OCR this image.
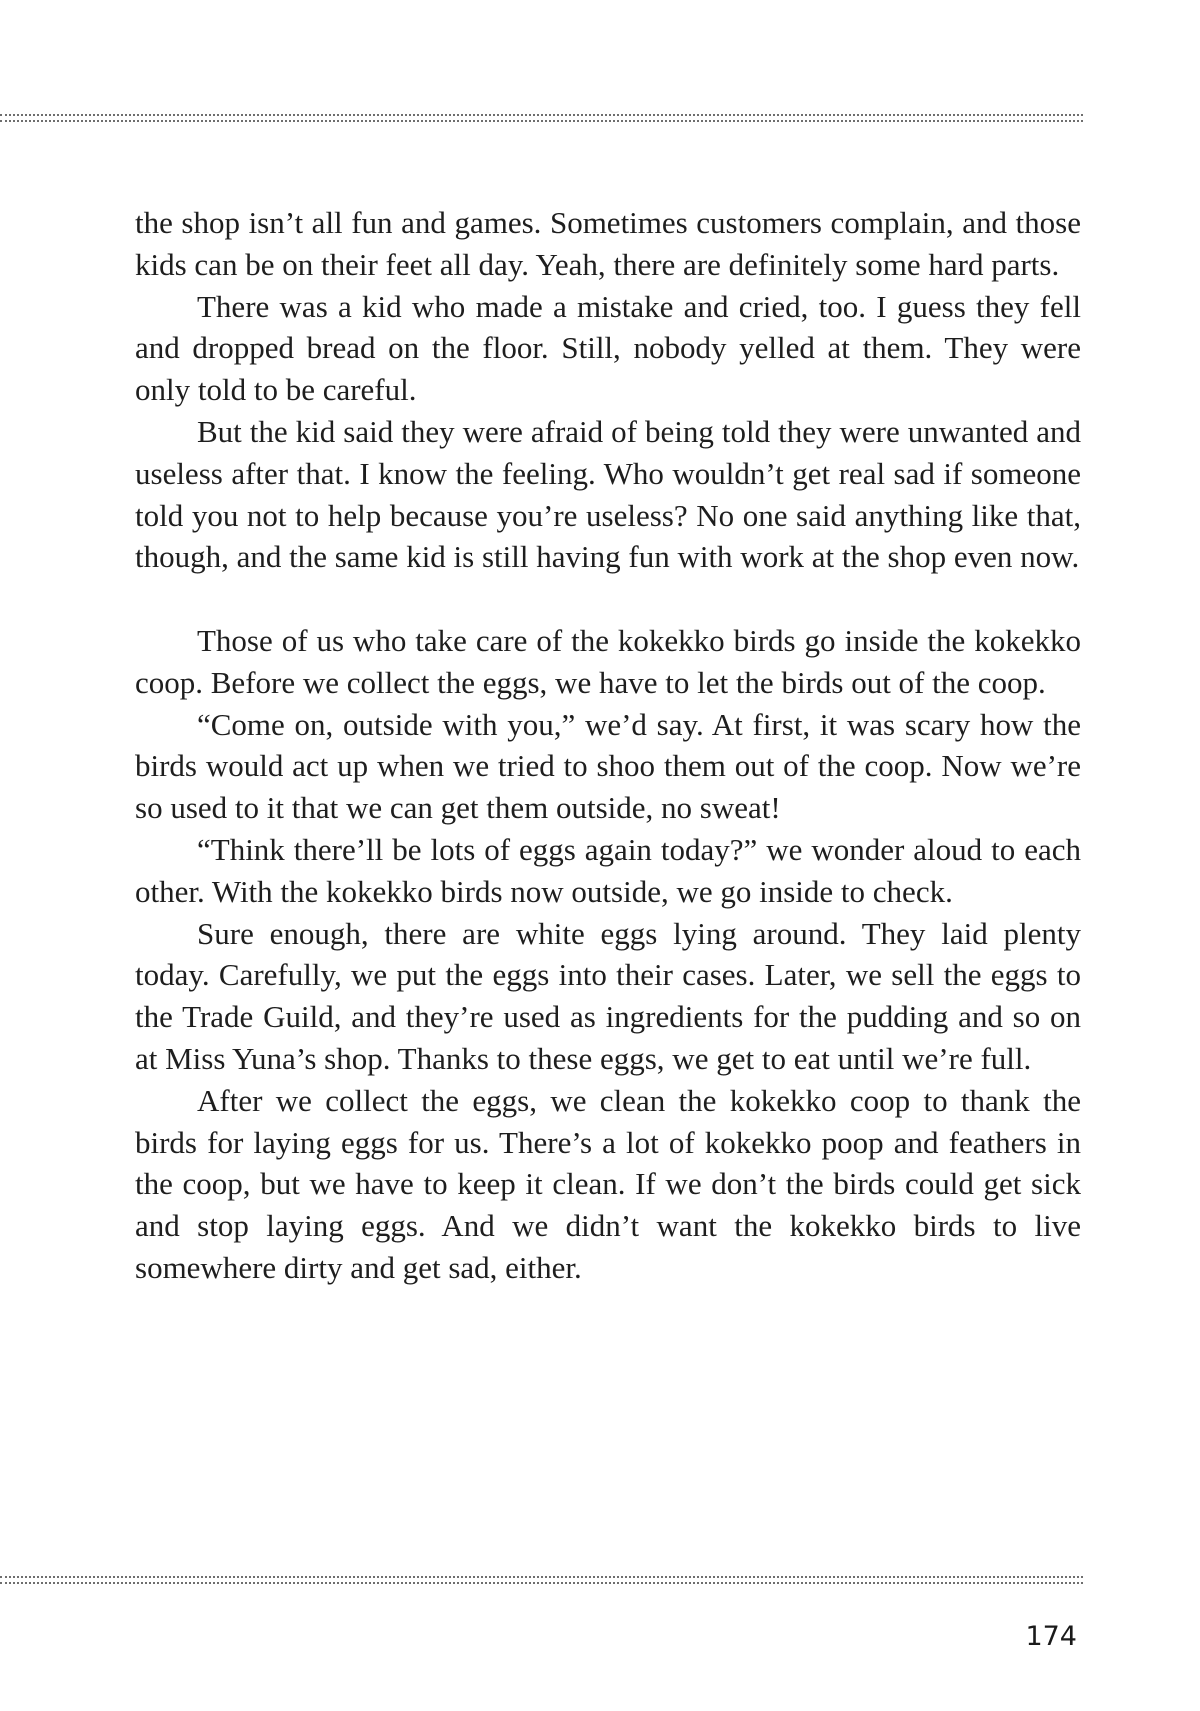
the shop isn’t all fun and games. Sometimes customers complain, and those kids can be on their feet all day. Yeah, there are definitely some hard parts.

There was a kid who made a mistake and cried, too. I guess they fell and dropped bread on the floor. Still, nobody yelled at them. They were only told to be careful.

But the kid said they were afraid of being told they were unwanted and useless after that. I know the feeling. Who wouldn’t get real sad if someone told you not to help because you’re useless? No one said anything like that, though, and the same kid is still having fun with work at the shop even now.

Those of us who take care of the kokekko birds go inside the kokekko coop. Before we collect the eggs, we have to let the birds out of the coop.

“Come on, outside with you,” we’d say. At first, it was scary how the birds would act up when we tried to shoo them out of the coop. Now we’re so used to it that we can get them outside, no sweat!

“Think there’ll be lots of eggs again today?” we wonder aloud to each other. With the kokekko birds now outside, we go inside to check.

Sure enough, there are white eggs lying around. They laid plenty today. Carefully, we put the eggs into their cases. Later, we sell the eggs to the Trade Guild, and they’re used as ingredients for the pudding and so on at Miss Yuna’s shop. Thanks to these eggs, we get to eat until we’re full.

After we collect the eggs, we clean the kokekko coop to thank the birds for laying eggs for us. There’s a lot of kokekko poop and feathers in the coop, but we have to keep it clean. If we don’t the birds could get sick and stop laying eggs. And we didn’t want the kokekko birds to live somewhere dirty and get sad, either.

174
